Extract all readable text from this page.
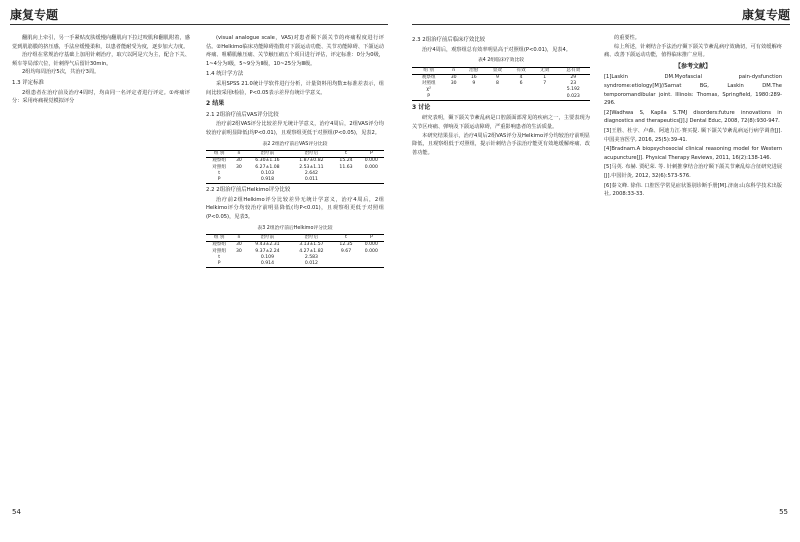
康复专题	康复专题

翻肌向上牵引，另一手紧贴皮肤缓慢向翻肌向下拉过咬肌和翻肌附着，感觉到肌筋膜的挤压感，手法应缓慢柔和，以患者能耐受为度，逐步加大力度。

治疗组在常规治疗基础上加用针刺治疗，取穴以阿是穴为主，配合下关、颊车等局部穴位，针刺得气后留针30min。

2组均每周治疗5次，共治疗3周。

1.3 评定标准

2组患者在治疗前及治疗4周时，均由同一名评定者进行评定。①疼痛评分：采用疼痛视觉模拟评分

(visual analogue scale，VAS)对患者颞下颌关节的疼痛程度进行评估。②Helkimo临床功能障碍指数对下颌运动功能、关节功能障碍、下颌运动疼痛、咀嚼肌触压痛、关节触压痛五个项目进行评估，评定标准：0分为0级，1~4分为Ⅰ级，5~9分为Ⅱ级，10~25分为Ⅲ级。

1.4 统计学方法

采用SPSS 21.0统计学软件进行分析，计量资料用均数±标准差表示，组间比较采用t检验，P<0.05表示差异有统计学意义。

2 结果
2.1 2组治疗前后VAS评分比较

治疗前2组VAS评分比较差异无统计学意义，治疗4周后，2组VAS评分均较治疗前明显降低(均P<0.01)，且观察组更低于对照组(P<0.05)，见表2。

表2 2组治疗前后VAS评分比较
组 别	n	治疗前	治疗后	t	P
观察组	30	6.30±1.16	1.87±0.82	15.24	0.000
对照组	30	6.27±1.08	2.53±1.11	11.63	0.000
t		0.103	2.642		
P		0.918	0.011		
2.2 2组治疗前后Helkimo评分比较

治疗前2组Helkimo评分比较差异无统计学意义，治疗4周后，2组Helkimo评分均较治疗前明显降低(均P<0.01)，且观察组更低于对照组(P<0.05)，见表3。

表3 2组治疗前后Helkimo评分比较
组 别	n	治疗前	治疗后	t	P
观察组	30	9.43±2.31	3.13±1.57	12.35	0.000
对照组	30	9.37±2.24	4.27±1.82	9.67	0.000
t		0.109	2.583		
P		0.914	0.012		
2.3 2组治疗前后临床疗效比较

治疗4周后，观察组总有效率明显高于对照组(P<0.01)，见表4。

表4 2组临床疗效比较
组 别	n	治愈	显效	有效	无效	总有效
观察组	30	16	9	4	1	29
对照组	30	9	8	6	7	23
χ²						5.192
P						0.023
3 讨论

研究表明，颞下颌关节紊乱病是口腔颌面部常见的疾病之一，主要表现为关节区疼痛、弹响及下颌运动障碍，严重影响患者的生活质量。

本研究结果显示，治疗4周后2组VAS评分及Helkimo评分均较治疗前明显降低，且观察组低于对照组，提示针刺结合手法治疗能更有效地缓解疼痛、改善功能。

的重要性。

综上所述，针刺结合手法治疗颞下颌关节紊乱病疗效确切，可有效缓解疼痛、改善下颌运动功能，值得临床推广应用。

【参考文献】

[1]Laskin DM.Myofascial pain-dysfunction syndrome:etiology[M]//Sarnat BG, Laskin DM.The temporomandibular joint. Illinois: Thomas, Springfield, 1980:289-296.

[2]Wadhwa S, Kapila S.TMJ disorders:future innovations in diagnostics and therapeutics[J].J Dental Educ, 2008, 72(8):930-947.

[3]王胜、杜宇、卢森、阿迪力江·赛买提. 颞下颌关节紊乱病运行病学调查[J].中国美容医学, 2016, 25(5):39-41.

[4]Bradnam.A biopsychosocial clinical reasoning model for Western acupuncture[J]. Physical Therapy Reviews, 2011, 16(2):138-146.

[5]马英. 布赫. 贾纪荣. 等. 针刺推拿结合治疗颞下颌关节紊乱综合征研究进展[J].中国针灸, 2012, 32(6):573-576.

[6]秦文峰. 徐伟. 口腔医学常见症状鉴别诊断手册[M].济南:山东科学技术出版社, 2008:33-33.

54	55
